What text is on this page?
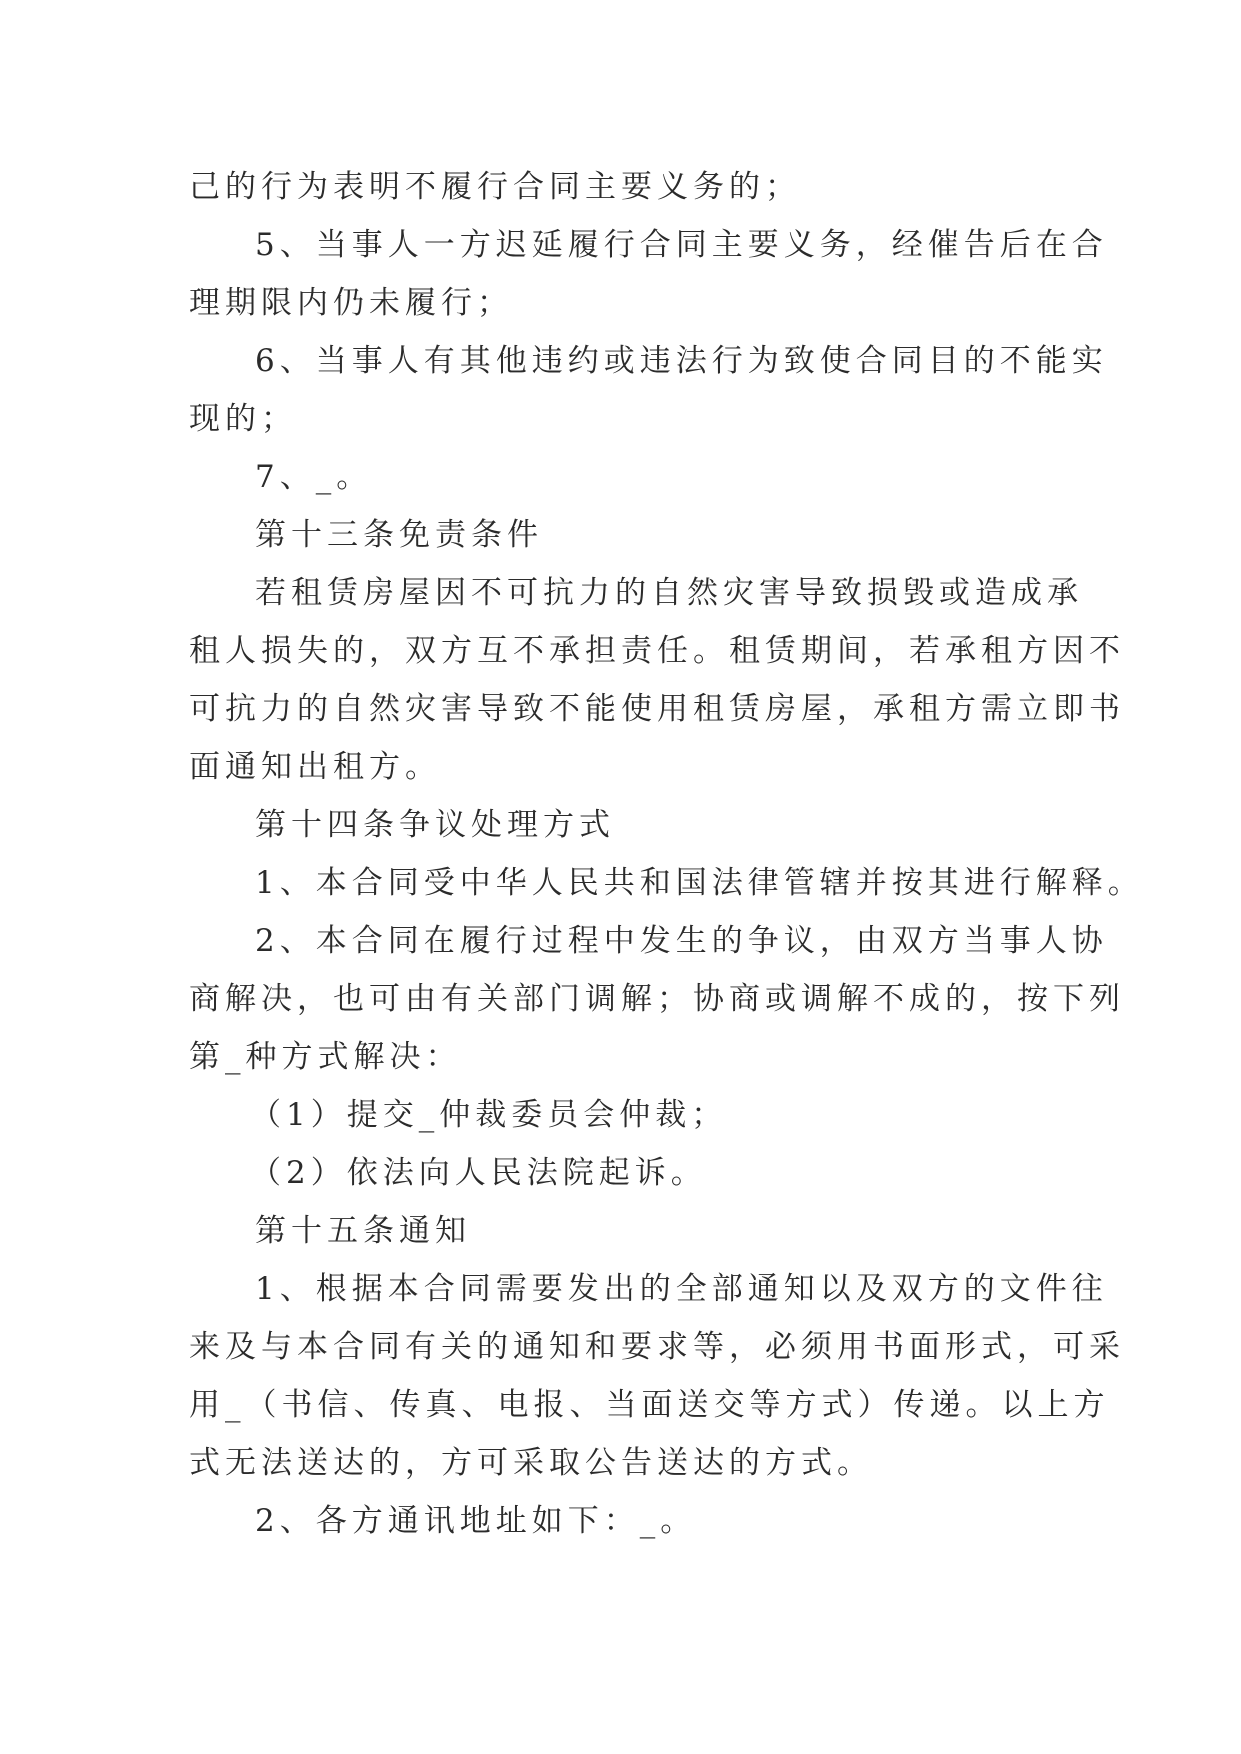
己的行为表明不履行合同主要义务的；
5、当事人一方迟延履行合同主要义务，经催告后在合
理期限内仍未履行；
6、当事人有其他违约或违法行为致使合同目的不能实
现的；
7、_。
第十三条免责条件
若租赁房屋因不可抗力的自然灾害导致损毁或造成承
租人损失的，双方互不承担责任。租赁期间，若承租方因不
可抗力的自然灾害导致不能使用租赁房屋，承租方需立即书
面通知出租方。
第十四条争议处理方式
1、本合同受中华人民共和国法律管辖并按其进行解释。
2、本合同在履行过程中发生的争议，由双方当事人协
商解决，也可由有关部门调解；协商或调解不成的，按下列
第_种方式解决：
（1）提交_仲裁委员会仲裁；
（2）依法向人民法院起诉。
第十五条通知
1、根据本合同需要发出的全部通知以及双方的文件往
来及与本合同有关的通知和要求等，必须用书面形式，可采
用_（书信、传真、电报、当面送交等方式）传递。以上方
式无法送达的，方可采取公告送达的方式。
2、各方通讯地址如下：_。
